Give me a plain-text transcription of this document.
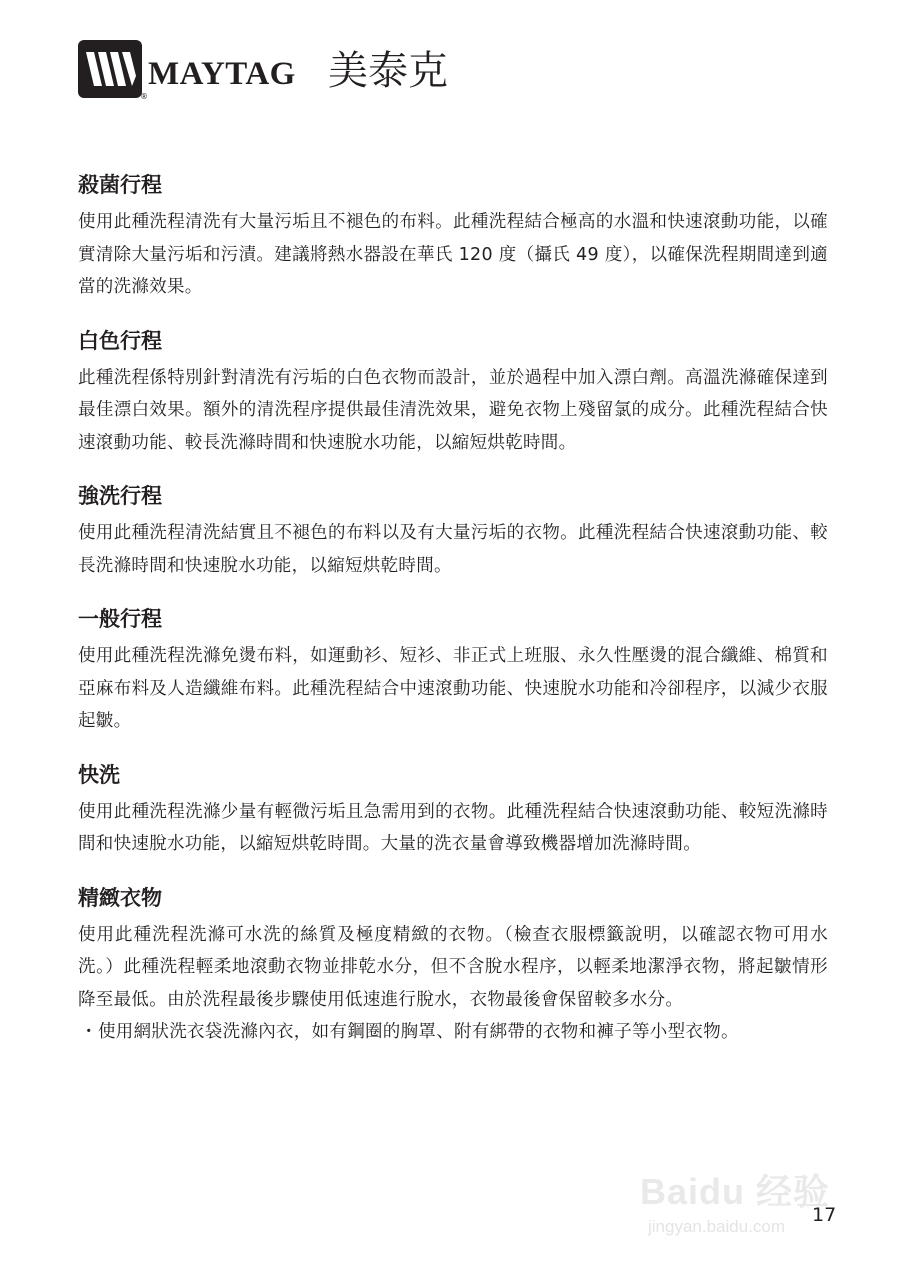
®
MAYTAG 美泰克
殺菌行程

使用此種洗程清洗有大量污垢且不褪色的布料。此種洗程結合極高的水溫和快速滾動功能，以確實清除大量污垢和污漬。建議將熱水器設在華氏 120 度（攝氏 49 度），以確保洗程期間達到適當的洗滌效果。

白色行程

此種洗程係特別針對清洗有污垢的白色衣物而設計，並於過程中加入漂白劑。高溫洗滌確保達到最佳漂白效果。額外的清洗程序提供最佳清洗效果，避免衣物上殘留氯的成分。此種洗程結合快速滾動功能、較長洗滌時間和快速脫水功能，以縮短烘乾時間。

強洗行程

使用此種洗程清洗結實且不褪色的布料以及有大量污垢的衣物。此種洗程結合快速滾動功能、較長洗滌時間和快速脫水功能，以縮短烘乾時間。

一般行程

使用此種洗程洗滌免燙布料，如運動衫、短衫、非正式上班服、永久性壓燙的混合纖維、棉質和亞麻布料及人造纖維布料。此種洗程結合中速滾動功能、快速脫水功能和冷卻程序，以減少衣服起皺。

快洗

使用此種洗程洗滌少量有輕微污垢且急需用到的衣物。此種洗程結合快速滾動功能、較短洗滌時間和快速脫水功能，以縮短烘乾時間。大量的洗衣量會導致機器增加洗滌時間。

精緻衣物

使用此種洗程洗滌可水洗的絲質及極度精緻的衣物。（檢查衣服標籤說明，以確認衣物可用水洗。）此種洗程輕柔地滾動衣物並排乾水分，但不含脫水程序，以輕柔地潔淨衣物，將起皺情形降至最低。由於洗程最後步驟使用低速進行脫水，衣物最後會保留較多水分。

・ 使用網狀洗衣袋洗滌內衣，如有鋼圈的胸罩、附有綁帶的衣物和褲子等小型衣物。
Baidu 经验
jingyan.baidu.com
17
